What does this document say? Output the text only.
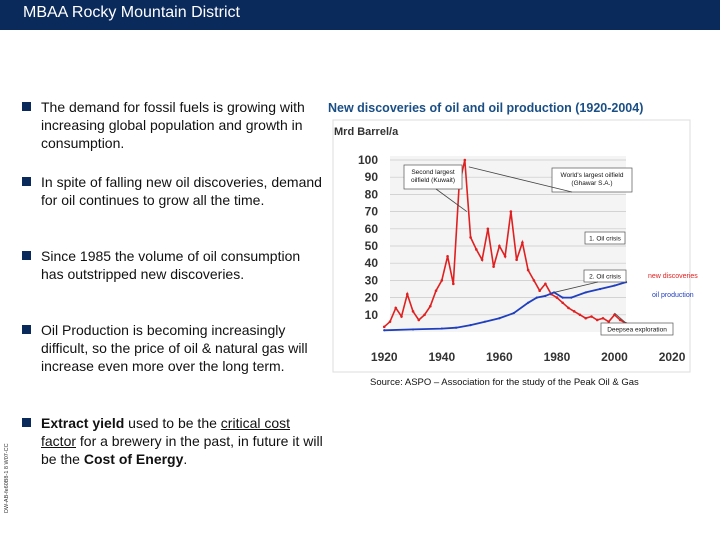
MBAA Rocky Mountain District
DW-AB-fe60B8-1 8 W07-CC
The demand for fossil fuels is growing with increasing global population and growth in consumption.
In spite of falling new oil discoveries, demand for oil continues to grow all the time.
Since 1985 the volume of oil consumption has outstripped new discoveries.
Oil Production is becoming increasingly difficult, so the price of oil & natural gas will increase even more over the long term.
Extract yield used to be the critical cost factor for a brewery in the past, in future it will be the Cost of Energy.
New discoveries of oil and oil production (1920-2004)
Mrd Barrel/a
10
20
30
40
50
60
70
80
90
100
1920	1940	1960	1980	2000	2020
Second largest oilfield (Kuwait)
World's largest oilfield (Ghawar S.A.)
1. Oil crisis
2. Oil crisis
Deepsea exploration
new discoveries
oil production
Source: ASPO – Association for the study of the Peak Oil & Gas
